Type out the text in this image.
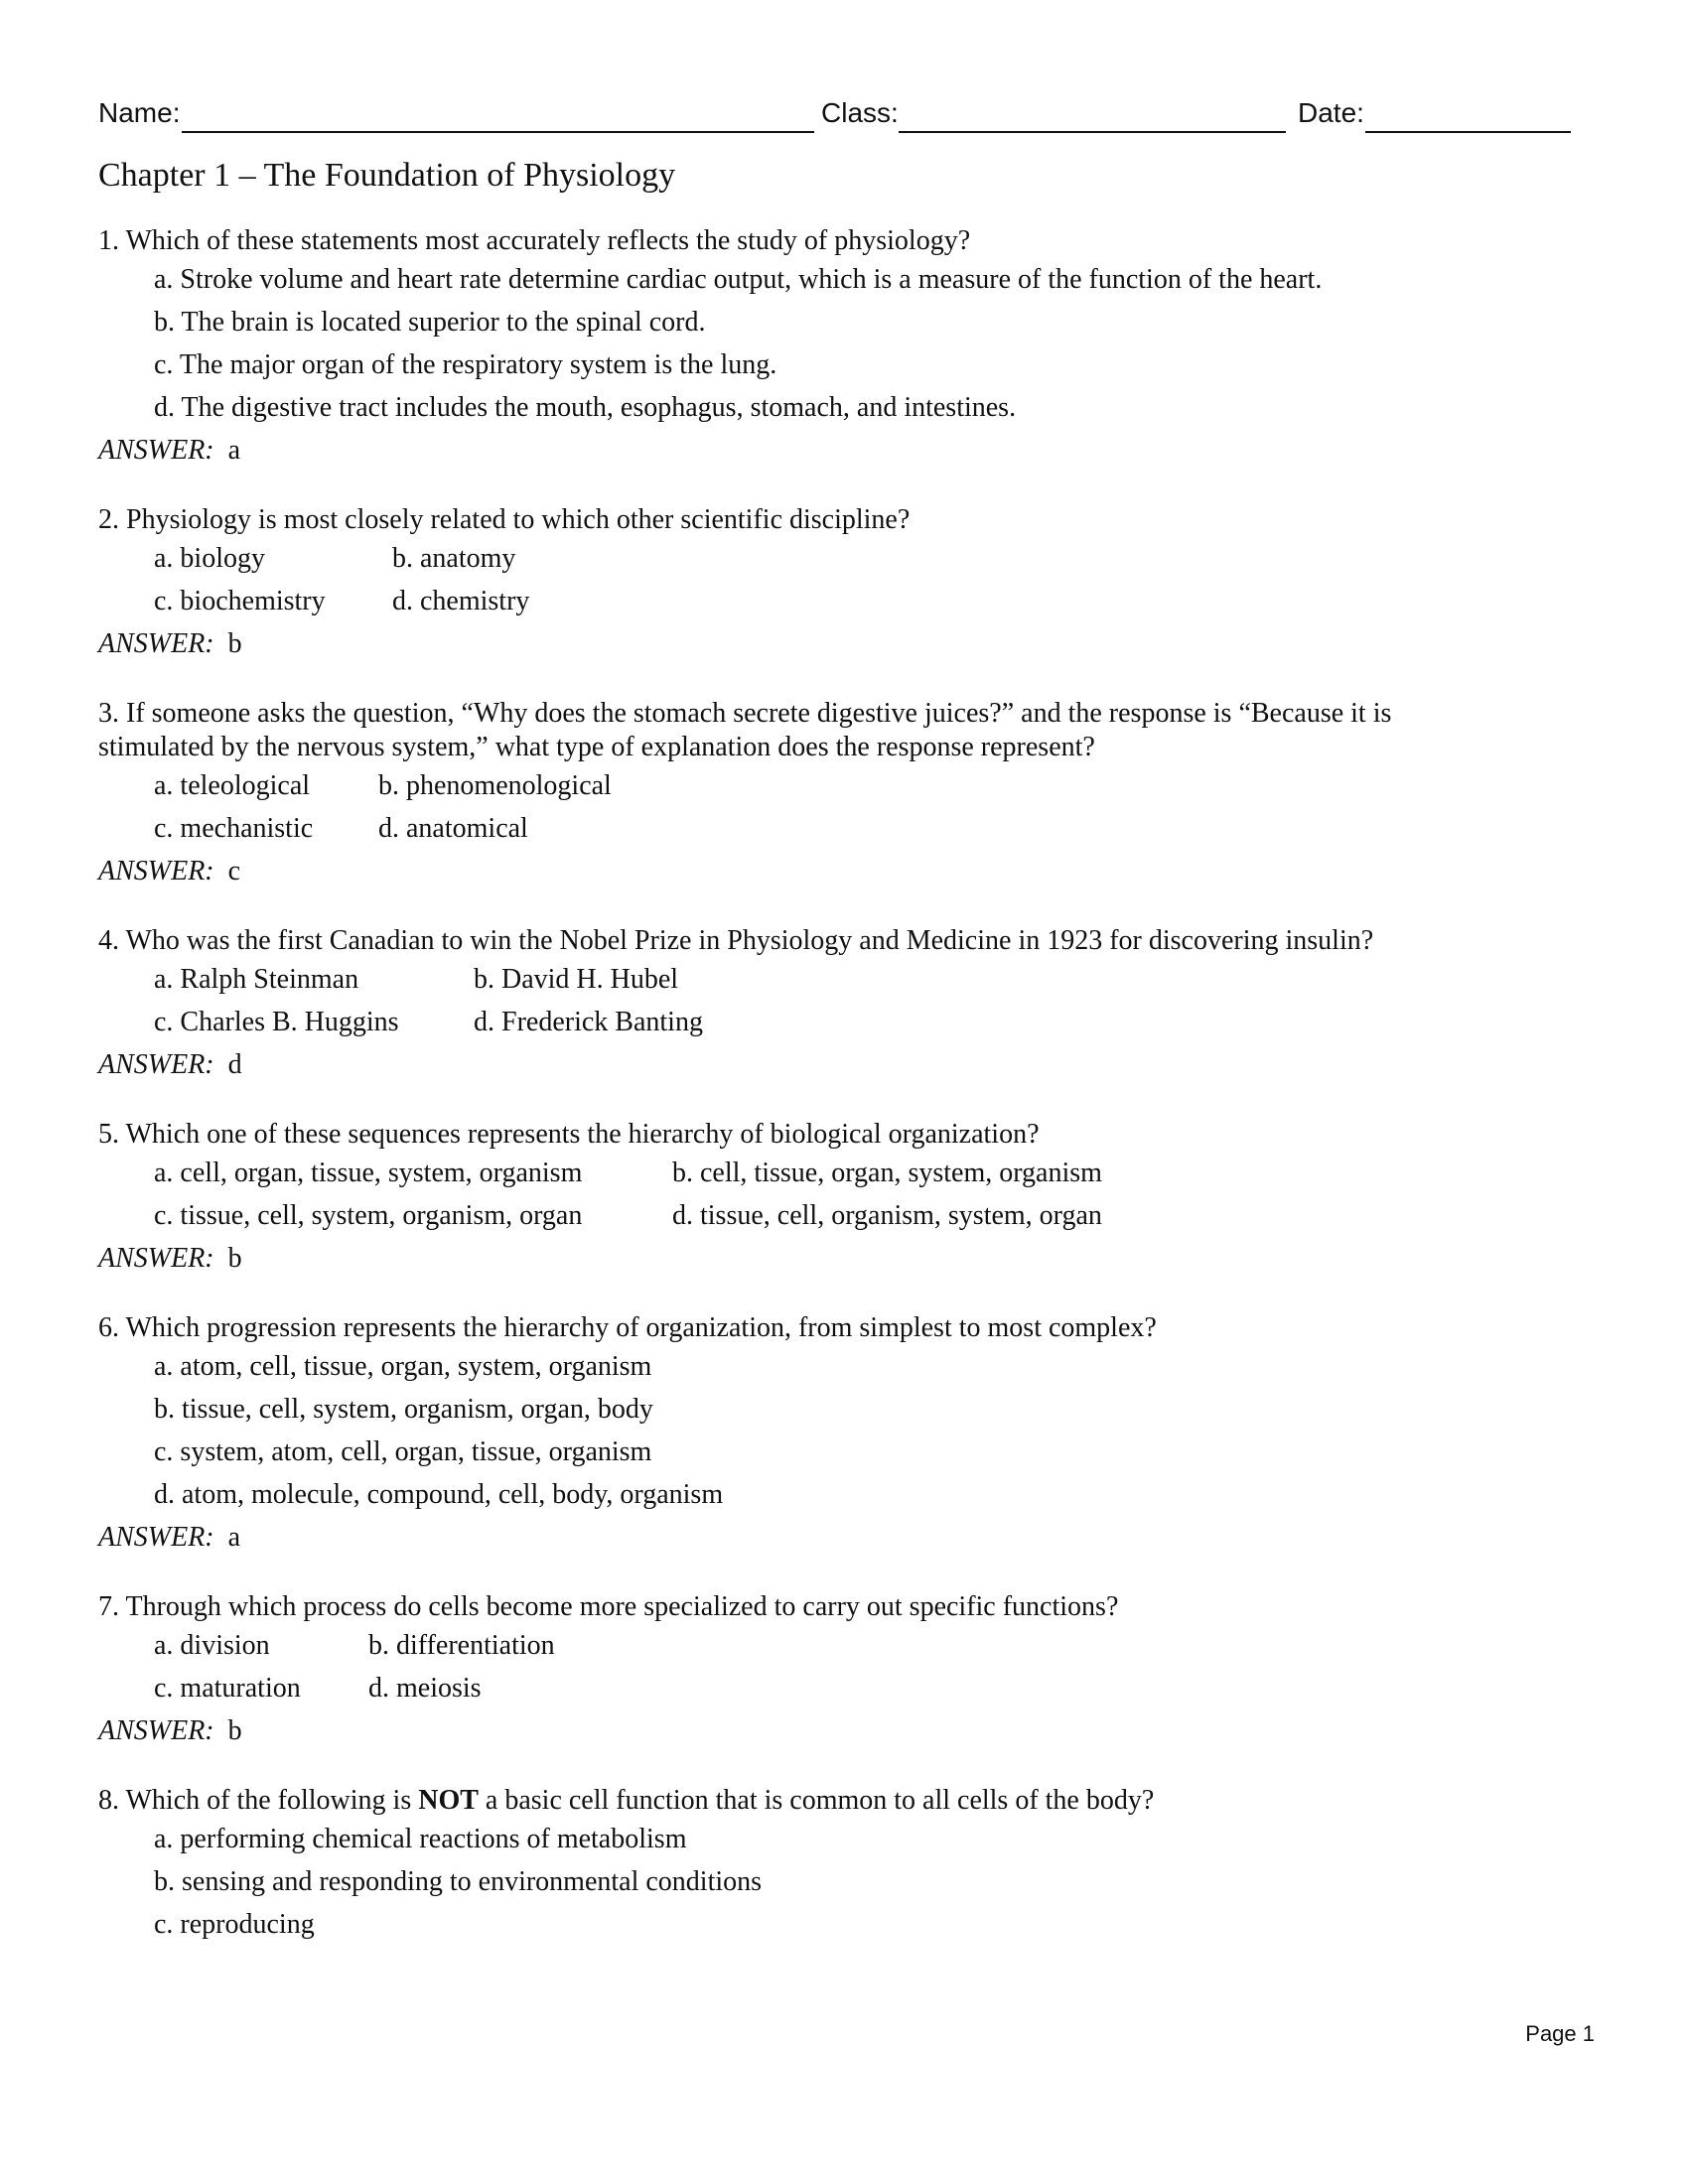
Name:	Class:	Date:
Chapter 1 – The Foundation of Physiology

1. Which of these statements most accurately reflects the study of physiology?

a. Stroke volume and heart rate determine cardiac output, which is a measure of the function of the heart.
b. The brain is located superior to the spinal cord.
c. The major organ of the respiratory system is the lung.
d. The digestive tract includes the mouth, esophagus, stomach, and intestines.
ANSWER: a

2. Physiology is most closely related to which other scientific discipline?

a. biology	b. anatomy
c. biochemistry d. chemistry
ANSWER: b

3. If someone asks the question, “Why does the stomach secrete digestive juices?” and the response is “Because it is
stimulated by the nervous system,” what type of explanation does the response represent?

a. teleological b. phenomenological
c. mechanistic d. anatomical
ANSWER: c

4. Who was the first Canadian to win the Nobel Prize in Physiology and Medicine in 1923 for discovering insulin?

a. Ralph Steinman	b. David H. Hubel
c. Charles B. Huggins	d. Frederick Banting
ANSWER: d

5. Which one of these sequences represents the hierarchy of biological organization?

a. cell, organ, tissue, system, organism	b. cell, tissue, organ, system, organism
c. tissue, cell, system, organism, organ	d. tissue, cell, organism, system, organ
ANSWER: b

6. Which progression represents the hierarchy of organization, from simplest to most complex?

a. atom, cell, tissue, organ, system, organism
b. tissue, cell, system, organism, organ, body
c. system, atom, cell, organ, tissue, organism
d. atom, molecule, compound, cell, body, organism
ANSWER: a

7. Through which process do cells become more specialized to carry out specific functions?

a. division	b. differentiation
c. maturation d. meiosis
ANSWER: b

8. Which of the following is NOT a basic cell function that is common to all cells of the body?

a. performing chemical reactions of metabolism
b. sensing and responding to environmental conditions
c. reproducing
Page 1
